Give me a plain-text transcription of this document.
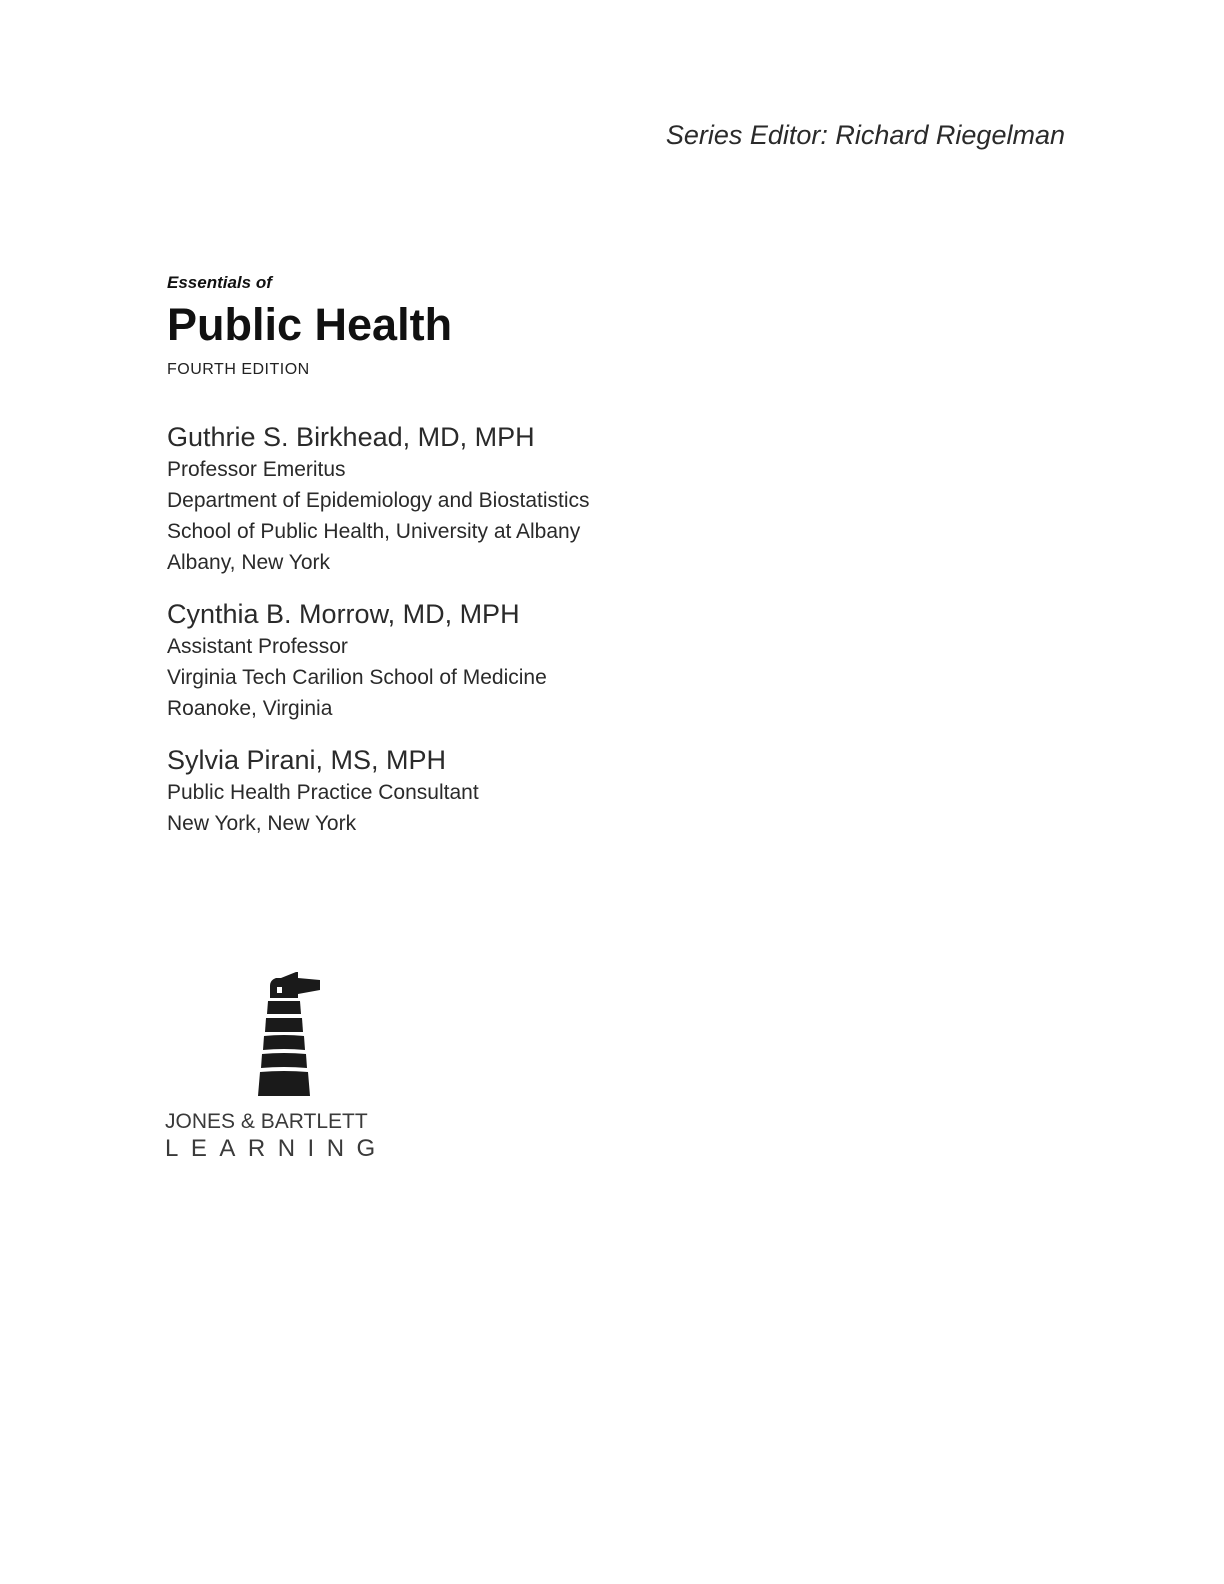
Series Editor: Richard Riegelman

Essentials of

Public Health

FOURTH EDITION

Guthrie S. Birkhead, MD, MPH
Professor Emeritus
Department of Epidemiology and Biostatistics
School of Public Health, University at Albany
Albany, New York
Cynthia B. Morrow, MD, MPH
Assistant Professor
Virginia Tech Carilion School of Medicine
Roanoke, Virginia
Sylvia Pirani, MS, MPH
Public Health Practice Consultant
New York, New York
JONES & BARTLETT
LEARNING
